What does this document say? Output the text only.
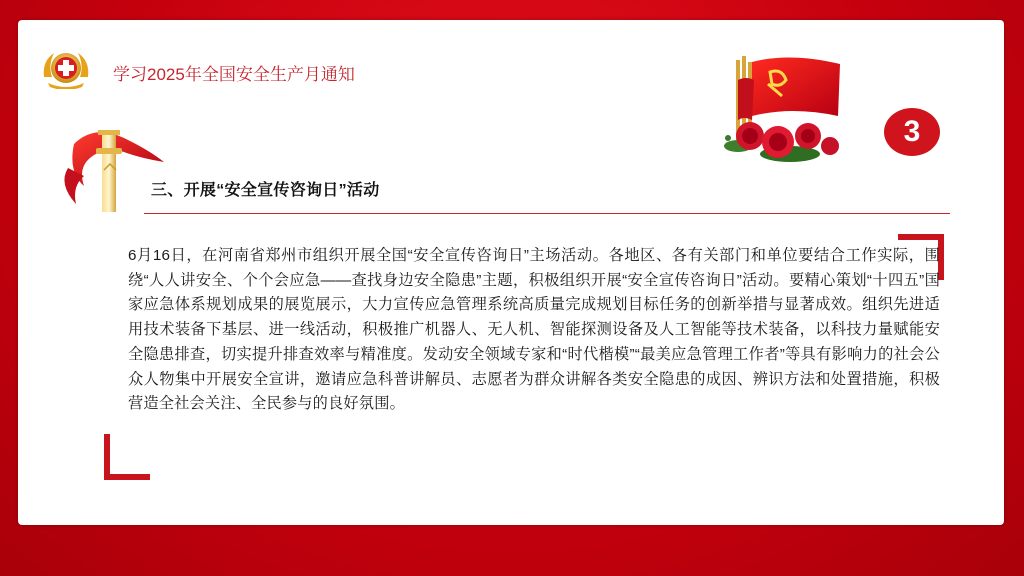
学习2025年全国安全生产月通知
3
三、开展“安全宣传咨询日”活动
6月16日，在河南省郑州市组织开展全国“安全宣传咨询日”主场活动。各地区、各有关部门和单位要结合工作实际，围绕“人人讲安全、个个会应急——查找身边安全隐患”主题，积极组织开展“安全宣传咨询日”活动。要精心策划“十四五”国家应急体系规划成果的展览展示，大力宣传应急管理系统高质量完成规划目标任务的创新举措与显著成效。组织先进适用技术装备下基层、进一线活动，积极推广机器人、无人机、智能探测设备及人工智能等技术装备，以科技力量赋能安全隐患排查，切实提升排查效率与精准度。发动安全领域专家和“时代楷模”“最美应急管理工作者”等具有影响力的社会公众人物集中开展安全宣讲，邀请应急科普讲解员、志愿者为群众讲解各类安全隐患的成因、辨识方法和处置措施，积极营造全社会关注、全民参与的良好氛围。
